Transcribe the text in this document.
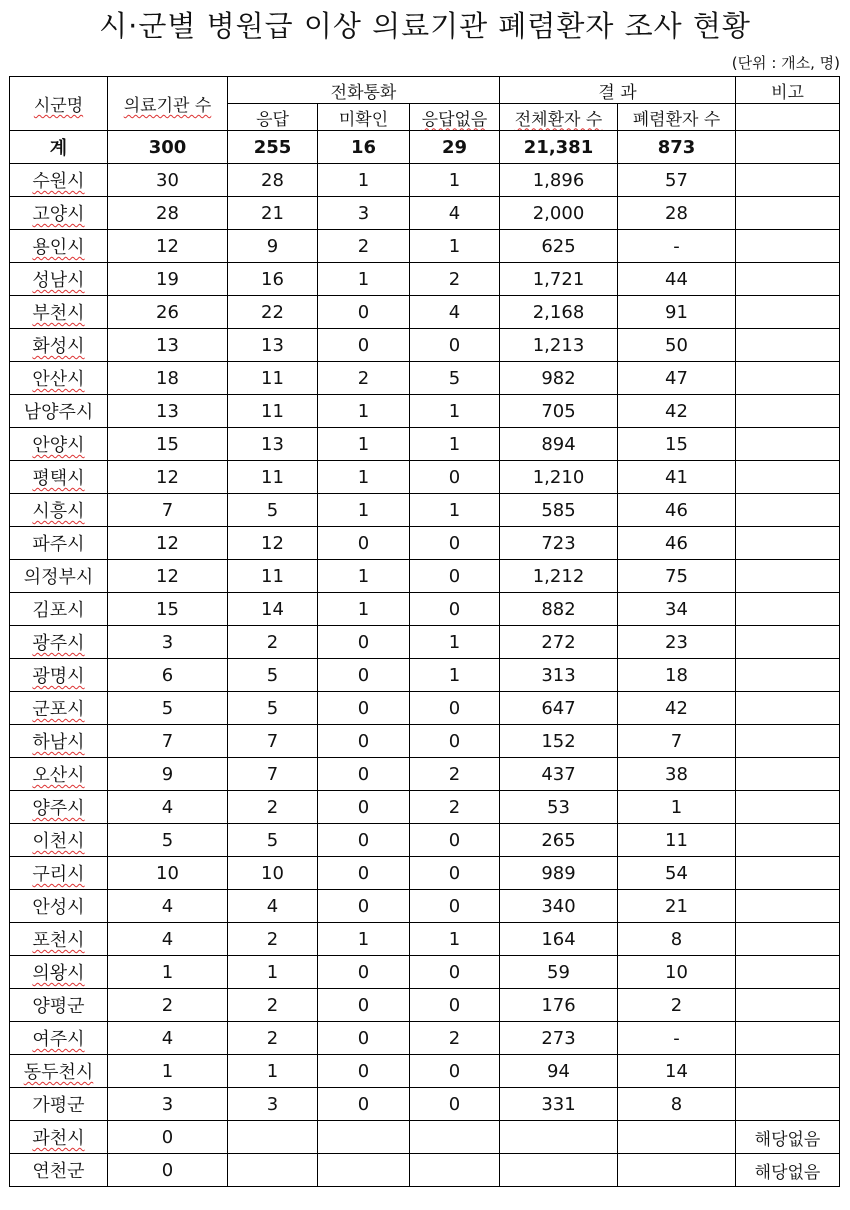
시·군별 병원급 이상 의료기관 폐렴환자 조사 현황
(단위 : 개소, 명)
시군명	의료기관 수	전화통화			결 과		비고
		응답	미확인	응답없음	전체환자 수	폐렴환자 수	
계	300	255	16	29	21,381	873	
수원시	30	28	1	1	1,896	57	
고양시	28	21	3	4	2,000	28	
용인시	12	9	2	1	625	-	
성남시	19	16	1	2	1,721	44	
부천시	26	22	0	4	2,168	91	
화성시	13	13	0	0	1,213	50	
안산시	18	11	2	5	982	47	
남양주시	13	11	1	1	705	42	
안양시	15	13	1	1	894	15	
평택시	12	11	1	0	1,210	41	
시흥시	7	5	1	1	585	46	
파주시	12	12	0	0	723	46	
의정부시	12	11	1	0	1,212	75	
김포시	15	14	1	0	882	34	
광주시	3	2	0	1	272	23	
광명시	6	5	0	1	313	18	
군포시	5	5	0	0	647	42	
하남시	7	7	0	0	152	7	
오산시	9	7	0	2	437	38	
양주시	4	2	0	2	53	1	
이천시	5	5	0	0	265	11	
구리시	10	10	0	0	989	54	
안성시	4	4	0	0	340	21	
포천시	4	2	1	1	164	8	
의왕시	1	1	0	0	59	10	
양평군	2	2	0	0	176	2	
여주시	4	2	0	2	273	-	
동두천시	1	1	0	0	94	14	
가평군	3	3	0	0	331	8	
과천시	0						해당없음
연천군	0						해당없음
